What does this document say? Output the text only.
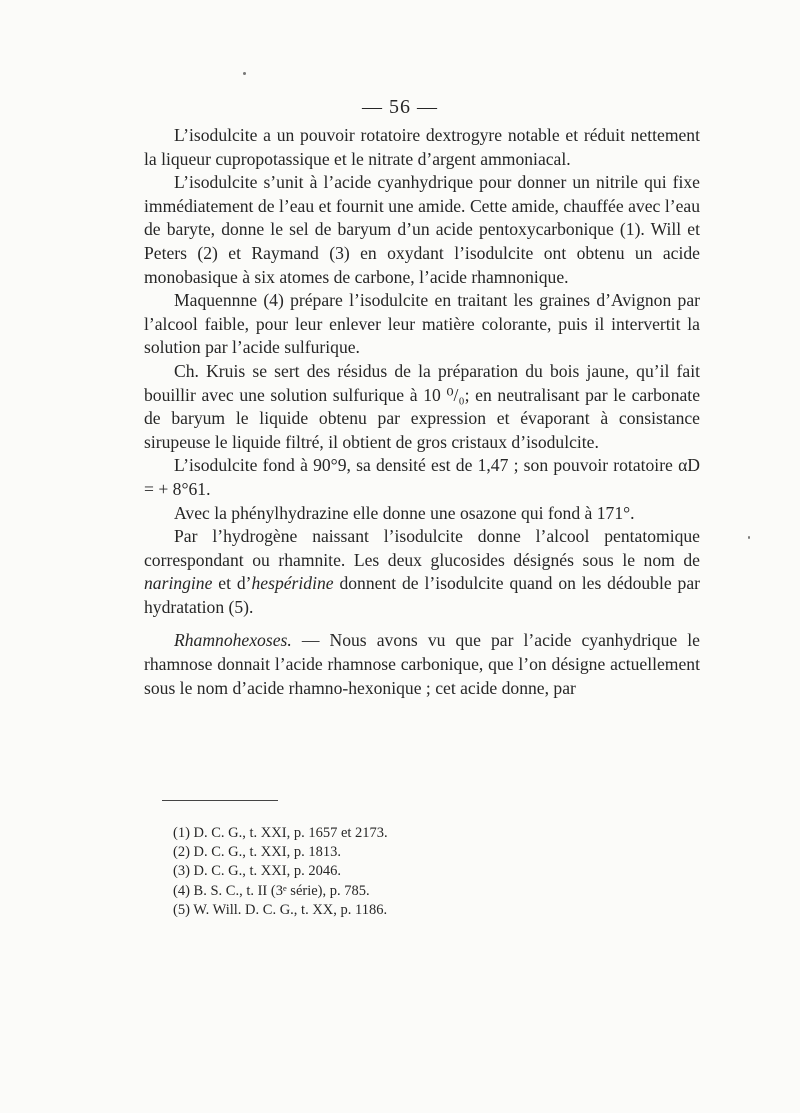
— 56 —

L’isodulcite a un pouvoir rotatoire dextrogyre notable et réduit nettement la liqueur cupropotassique et le nitrate d’argent ammoniacal.

L’isodulcite s’unit à l’acide cyanhydrique pour donner un nitrile qui fixe immédiatement de l’eau et fournit une amide. Cette amide, chauffée avec l’eau de baryte, donne le sel de baryum d’un acide pentoxycarbonique (1). Will et Peters (2) et Raymand (3) en oxydant l’isodulcite ont obtenu un acide monobasique à six atomes de carbone, l’acide rhamnonique.

Maquennne (4) prépare l’isodulcite en traitant les graines d’Avignon par l’alcool faible, pour leur enlever leur matière colorante, puis il intervertit la solution par l’acide sulfurique.

Ch. Kruis se sert des résidus de la préparation du bois jaune, qu’il fait bouillir avec une solution sulfurique à 10 ⁰/₀; en neutralisant par le carbonate de baryum le liquide obtenu par expression et évaporant à consistance sirupeuse le liquide filtré, il obtient de gros cristaux d’isodulcite.

L’isodulcite fond à 90°9, sa densité est de 1,47 ; son pouvoir rotatoire αD = + 8°61.

Avec la phénylhydrazine elle donne une osazone qui fond à 171°.

Par l’hydrogène naissant l’isodulcite donne l’alcool pentatomique correspondant ou rhamnite. Les deux glucosides désignés sous le nom de naringine et d’hespéridine donnent de l’isodulcite quand on les dédouble par hydratation (5).

Rhamnohexoses. — Nous avons vu que par l’acide cyanhydrique le rhamnose donnait l’acide rhamnose carbonique, que l’on désigne actuellement sous le nom d’acide rhamno-hexonique ; cet acide donne, par

(1) D. C. G., t. XXI, p. 1657 et 2173.
(2) D. C. G., t. XXI, p. 1813.
(3) D. C. G., t. XXI, p. 2046.
(4) B. S. C., t. II (3ᵉ série), p. 785.
(5) W. Will. D. C. G., t. XX, p. 1186.
